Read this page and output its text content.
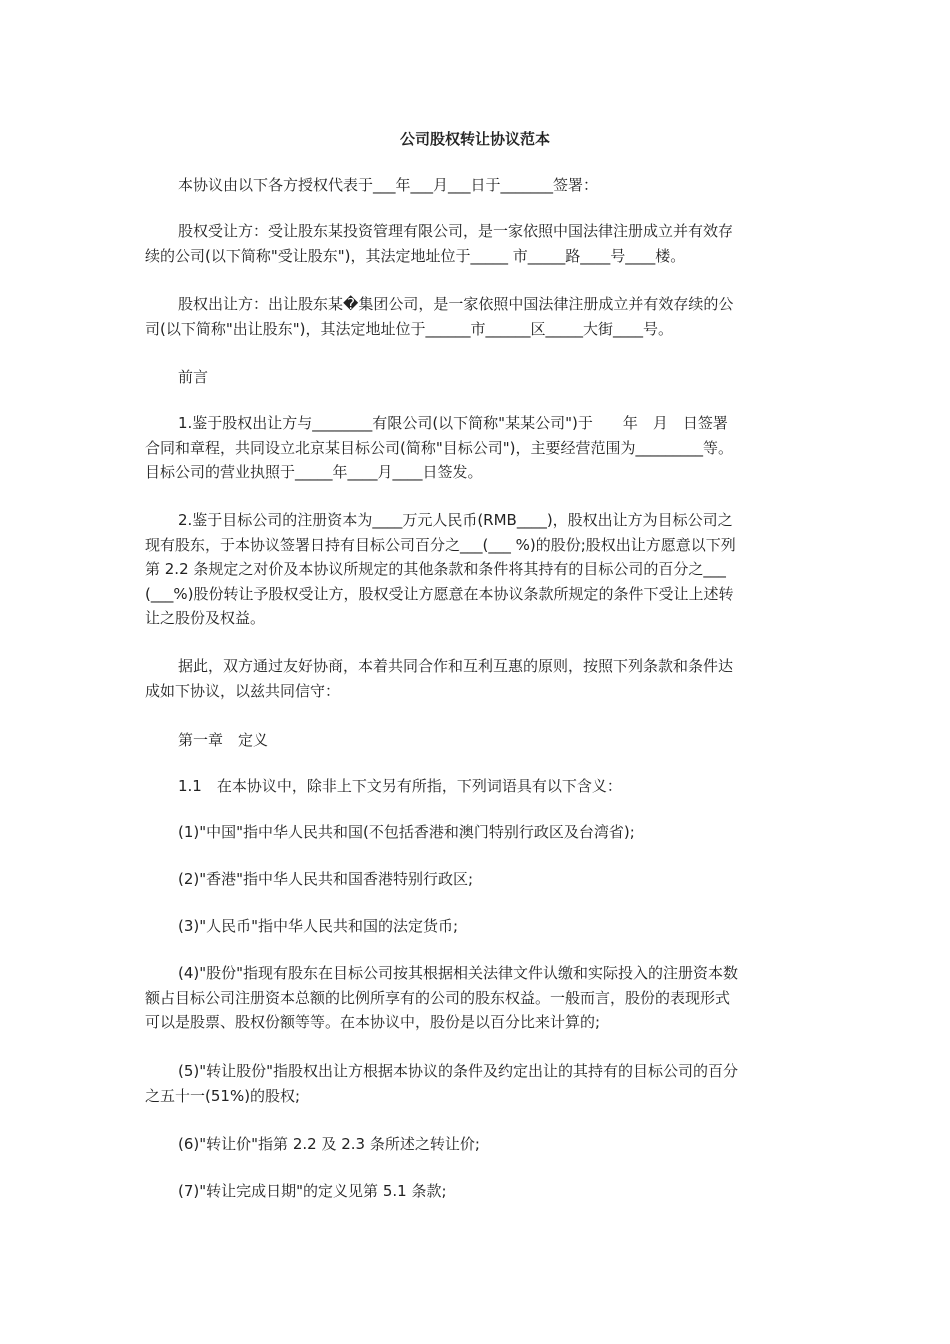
公司股权转让协议范本

本协议由以下各方授权代表于___年___月___日于_______签署：

股权受让方：受让股东某投资管理有限公司，是一家依照中国法律注册成立并有效存
续的公司(以下简称"受让股东")，其法定地址位于_____ 市_____路____号____楼。

股权出让方：出让股东某�集团公司，是一家依照中国法律注册成立并有效存续的公
司(以下简称"出让股东")，其法定地址位于______市______区_____大街____号。

前言

1.鉴于股权出让方与________有限公司(以下简称"某某公司")于　　年　月　日签署
合同和章程，共同设立北京某目标公司(简称"目标公司")，主要经营范围为_________等。
目标公司的营业执照于_____年____月____日签发。

2.鉴于目标公司的注册资本为____万元人民币(RMB____)，股权出让方为目标公司之
现有股东，于本协议签署日持有目标公司百分之___(___ %)的股份;股权出让方愿意以下列
第 2.2 条规定之对价及本协议所规定的其他条款和条件将其持有的目标公司的百分之___
(___%)股份转让予股权受让方，股权受让方愿意在本协议条款所规定的条件下受让上述转
让之股份及权益。

据此，双方通过友好协商，本着共同合作和互利互惠的原则，按照下列条款和条件达
成如下协议，以兹共同信守：

第一章　定义

1.1　在本协议中，除非上下文另有所指，下列词语具有以下含义：

(1)"中国"指中华人民共和国(不包括香港和澳门特别行政区及台湾省);

(2)"香港"指中华人民共和国香港特别行政区;

(3)"人民币"指中华人民共和国的法定货币;

(4)"股份"指现有股东在目标公司按其根据相关法律文件认缴和实际投入的注册资本数
额占目标公司注册资本总额的比例所享有的公司的股东权益。一般而言，股份的表现形式
可以是股票、股权份额等等。在本协议中，股份是以百分比来计算的;

(5)"转让股份"指股权出让方根据本协议的条件及约定出让的其持有的目标公司的百分
之五十一(51%)的股权;

(6)"转让价"指第 2.2 及 2.3 条所述之转让价;

(7)"转让完成日期"的定义见第 5.1 条款;
